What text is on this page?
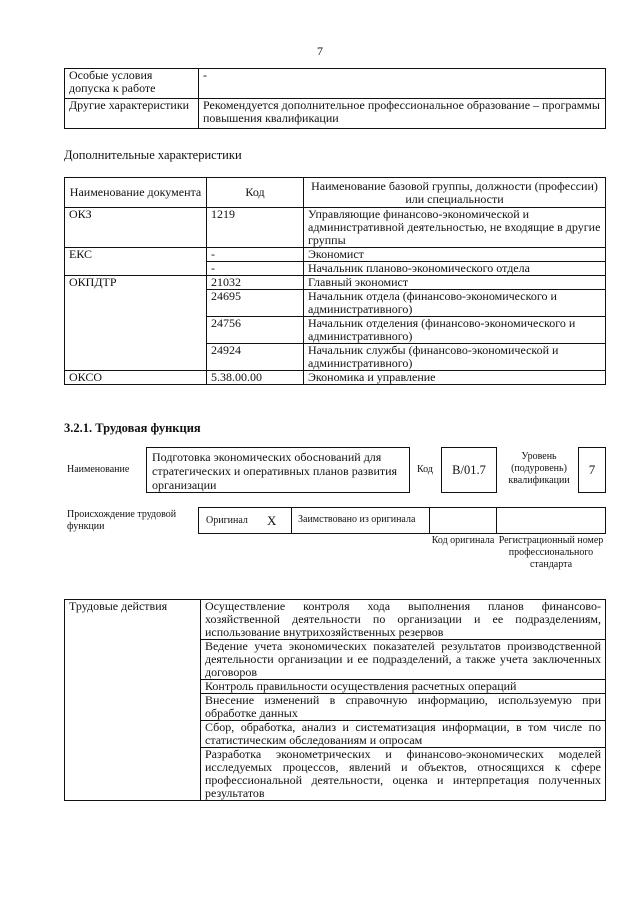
7
Особые условия допуска к работе	-
Другие характеристики	Рекомендуется дополнительное профессиональное образование – программы повышения квалификации
Дополнительные характеристики
Наименование документа	Код	Наименование базовой группы, должности (профессии) или специальности
ОКЗ	1219	Управляющие финансово-экономической и административной деятельностью, не входящие в другие группы
ЕКС	-	Экономист
	-	Начальник планово-экономического отдела
ОКПДТР	21032	Главный экономист
	24695	Начальник отдела (финансово-экономического и административного)
	24756	Начальник отделения (финансово-экономического и административного)
	24924	Начальник службы (финансово-экономической и административного)
ОКСО	5.38.00.00	Экономика и управление
3.2.1. Трудовая функция
Наименование
Подготовка экономических обоснований для стратегических и оперативных планов развития организации
Код	B/01.7
Уровень (подуровень) квалификации
7
Происхождение трудовой функции
Оригинал X	Заимствовано из оригинала
Код оригинала Регистрационный номер профессионального стандарта
Трудовые действия	Осуществление контроля хода выполнения планов финансово-хозяйственной деятельности по организации и ее подразделениям, использование внутрихозяйственных резервов
Ведение учета экономических показателей результатов производственной деятельности организации и ее подразделений, а также учета заключенных договоров
Контроль правильности осуществления расчетных операций
Внесение изменений в справочную информацию, используемую при обработке данных
Сбор, обработка, анализ и систематизация информации, в том числе по статистическим обследованиям и опросам
Разработка эконометрических и финансово-экономических моделей исследуемых процессов, явлений и объектов, относящихся к сфере профессиональной деятельности, оценка и интерпретация полученных результатов
